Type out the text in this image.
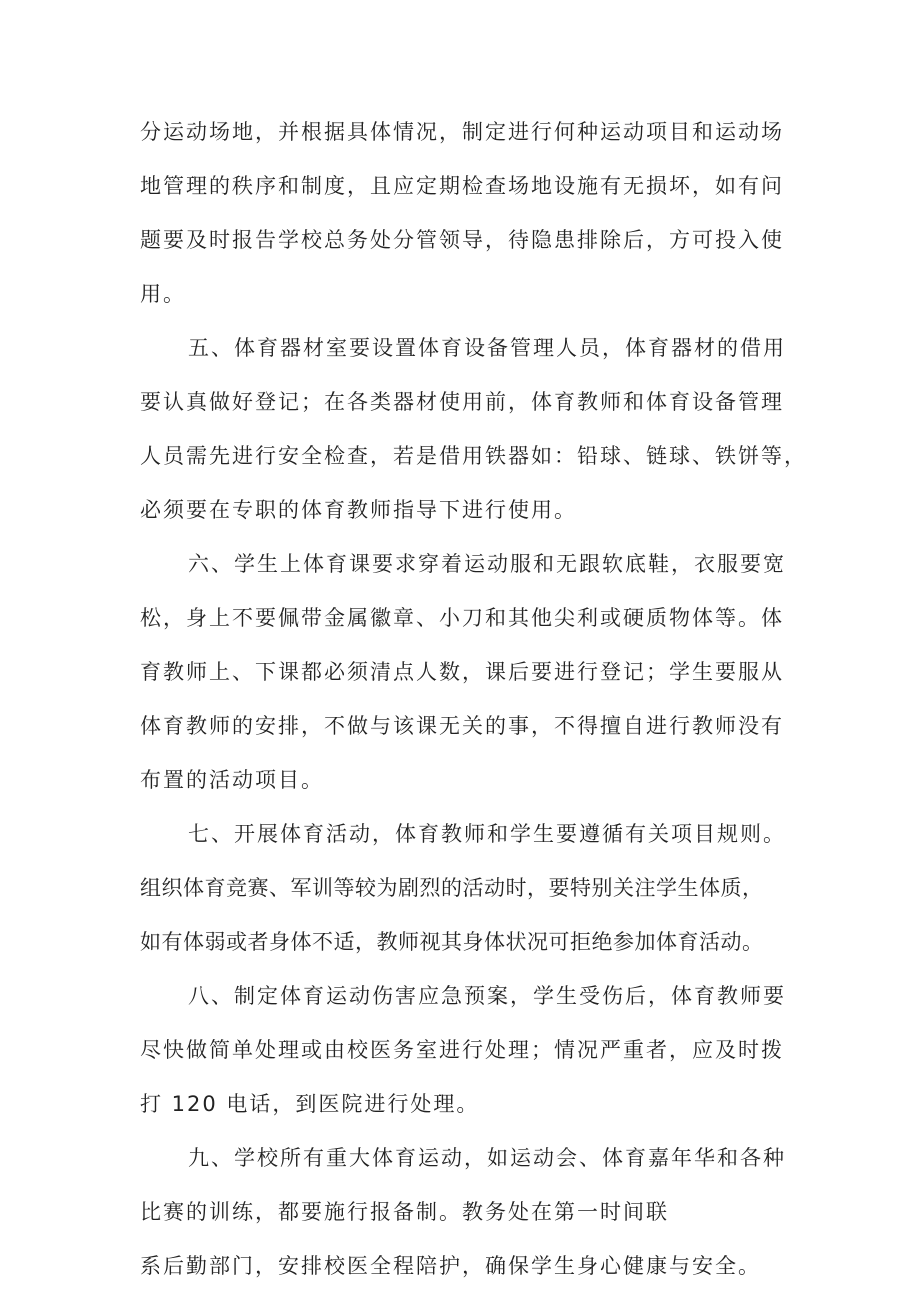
分运动场地，并根据具体情况，制定进行何种运动项目和运动场
地管理的秩序和制度，且应定期检查场地设施有无损坏，如有问
题要及时报告学校总务处分管领导，待隐患排除后，方可投入使
用。
五、体育器材室要设置体育设备管理人员，体育器材的借用
要认真做好登记；在各类器材使用前，体育教师和体育设备管理
人员需先进行安全检查，若是借用铁器如：铅球、链球、铁饼等，
必须要在专职的体育教师指导下进行使用。
六、学生上体育课要求穿着运动服和无跟软底鞋，衣服要宽
松，身上不要佩带金属徽章、小刀和其他尖利或硬质物体等。体
育教师上、下课都必须清点人数，课后要进行登记；学生要服从
体育教师的安排，不做与该课无关的事，不得擅自进行教师没有
布置的活动项目。
七、开展体育活动，体育教师和学生要遵循有关项目规则。
组织体育竞赛、军训等较为剧烈的活动时，要特别关注学生体质，
如有体弱或者身体不适，教师视其身体状况可拒绝参加体育活动。
八、制定体育运动伤害应急预案，学生受伤后，体育教师要
尽快做简单处理或由校医务室进行处理；情况严重者，应及时拨
打 120 电话，到医院进行处理。
九、学校所有重大体育运动，如运动会、体育嘉年华和各种
比赛的训练，都要施行报备制。教务处在第一时间联
系后勤部门，安排校医全程陪护，确保学生身心健康与安全。
